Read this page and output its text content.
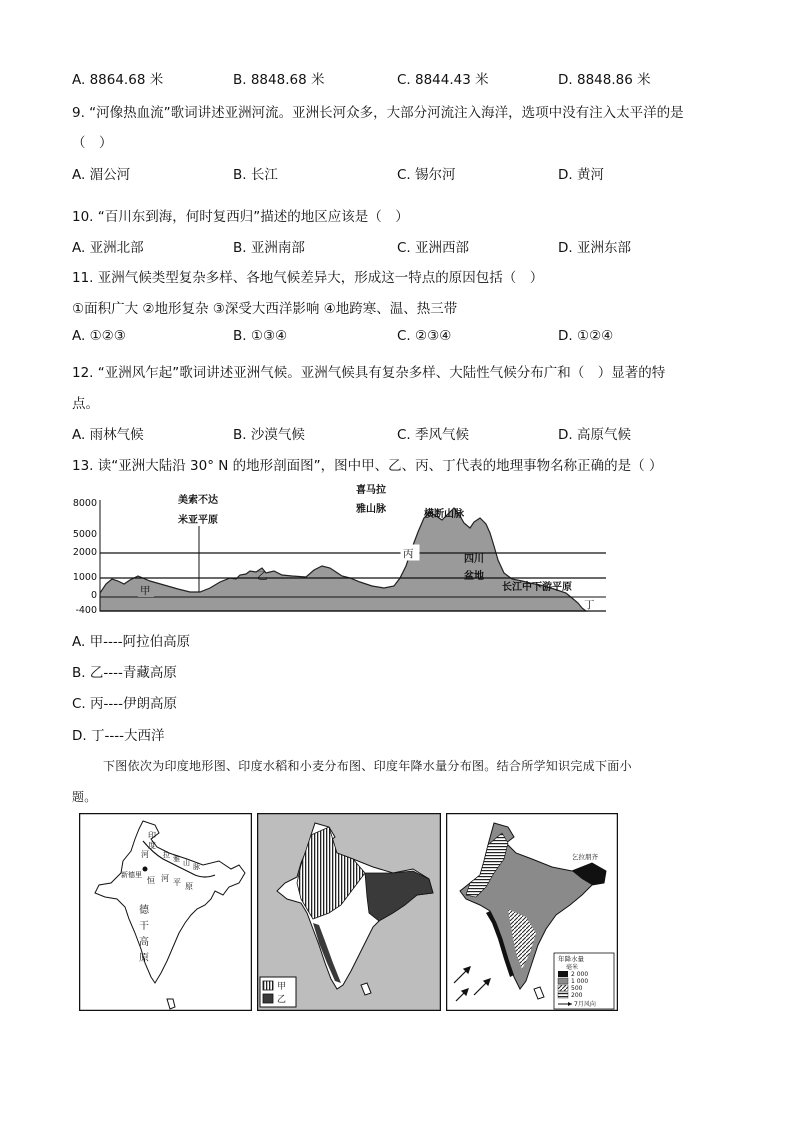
A. 8864.68 米	B. 8848.68 米	C. 8844.43 米	D. 8848.86 米
9. “河像热血流”歌词讲述亚洲河流。亚洲长河众多，大部分河流注入海洋，选项中没有注入太平洋的是
（　）
A. 湄公河	B. 长江	C. 锡尔河	D. 黄河
10. “百川东到海，何时复西归”描述的地区应该是（　）
A. 亚洲北部	B. 亚洲南部	C. 亚洲西部	D. 亚洲东部
11. 亚洲气候类型复杂多样、各地气候差异大，形成这一特点的原因包括（　）
①面积广大 ②地形复杂 ③深受大西洋影响 ④地跨寒、温、热三带
A. ①②③	B. ①③④	C. ②③④	D. ①②④
12. “亚洲风乍起”歌词讲述亚洲气候。亚洲气候具有复杂多样、大陆性气候分布广和（　）显著的特
点。
A. 雨林气候	B. 沙漠气候	C. 季风气候	D. 高原气候
13. 读“亚洲大陆沿 30° N 的地形剖面图”，图中甲、乙、丙、丁代表的地理事物名称正确的是（ ）
8000
5000
2000
1000
0
-400
美索不达
米亚平原
喜马拉
雅山脉	横断山脉
四川
盆地
长江中下游平原
甲
乙
丙
丁
A. 甲----阿拉伯高原
B. 乙----青藏高原
C. 丙----伊朗高原
D. 丁----大西洋
下图依次为印度地形图、印度水稻和小麦分布图、印度年降水量分布图。结合所学知识完成下面小
题。
印
度
河
恒 河 平 原
新德里
德
干
高
原
拉 雅 山 脉
甲
乙
乞拉朋齐
年降水量
毫米
2 000
1 000
500
200
7月风向
